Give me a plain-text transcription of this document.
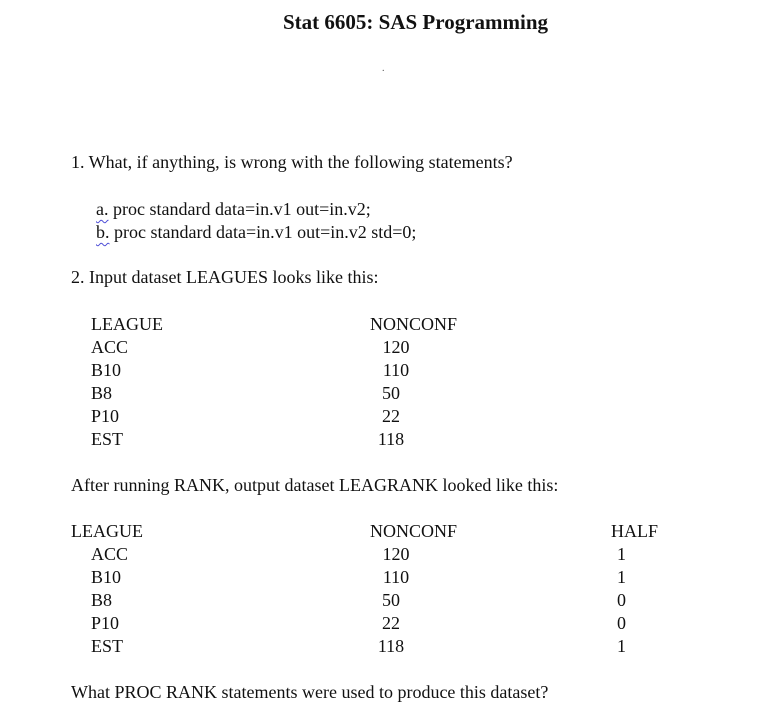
Stat 6605: SAS Programming
.
1. What, if anything, is wrong with the following statements?
a. proc standard data=in.v1 out=in.v2;
b. proc standard data=in.v1 out=in.v2 std=0;
2. Input dataset LEAGUES looks like this:
LEAGUE	NONCONF
ACC	120
B10	110
B8	50
P10	22
EST	118
After running RANK, output dataset LEAGRANK looked like this:
LEAGUE	NONCONF	HALF
ACC	120	1
B10	110	1
B8	50	0
P10	22	0
EST	118	1
What PROC RANK statements were used to produce this dataset?
